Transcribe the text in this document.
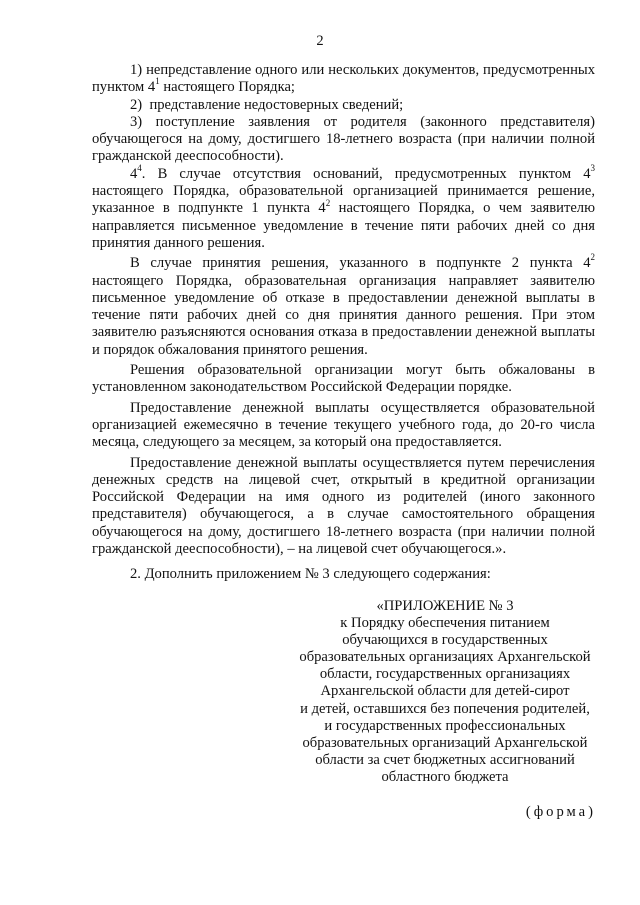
2

1) непредставление одного или нескольких документов, предусмотренных пунктом $4^1$ настоящего Порядка;

2)  представление недостоверных сведений;

3) поступление заявления от родителя (законного представителя) обучающегося на дому, достигшего 18-летнего возраста (при наличии полной гражданской дееспособности).

$4^4$. В случае отсутствия оснований, предусмотренных пунктом $4^3$ настоящего Порядка, образовательной организацией принимается решение, указанное в подпункте 1 пункта $4^2$ настоящего Порядка, о чем заявителю направляется письменное уведомление в течение пяти рабочих дней со дня принятия данного решения.

В случае принятия решения, указанного в подпункте 2 пункта $4^2$ настоящего Порядка, образовательная организация направляет заявителю письменное уведомление об отказе в предоставлении денежной выплаты в течение пяти рабочих дней со дня принятия данного решения. При этом заявителю разъясняются основания отказа в предоставлении денежной выплаты и порядок обжалования принятого решения.

Решения образовательной организации могут быть обжалованы в установленном законодательством Российской Федерации порядке.

Предоставление денежной выплаты осуществляется образовательной организацией ежемесячно в течение текущего учебного года, до 20-го числа месяца, следующего за месяцем, за который она предоставляется.

Предоставление денежной выплаты осуществляется путем перечисления денежных средств на лицевой счет, открытый в кредитной организации Российской Федерации на имя одного из родителей (иного законного представителя) обучающегося, а в случае самостоятельного обращения обучающегося на дому, достигшего 18-летнего возраста (при наличии полной гражданской дееспособности), – на лицевой счет обучающегося.».

2. Дополнить приложением № 3 следующего содержания:

«ПРИЛОЖЕНИЕ № 3
к Порядку обеспечения питанием
обучающихся в государственных
образовательных организациях Архангельской
области, государственных организациях
Архангельской области для детей-сирот
и детей, оставшихся без попечения родителей,
и государственных профессиональных
образовательных организаций Архангельской
области за счет бюджетных ассигнований
областного бюджета
(форма)
